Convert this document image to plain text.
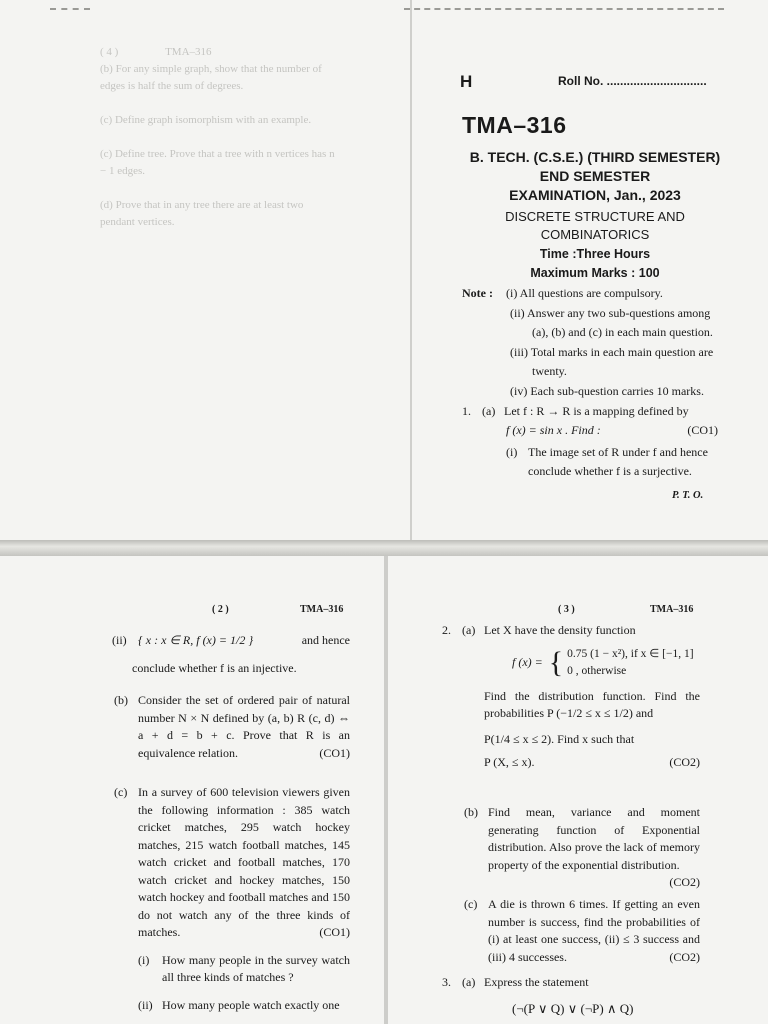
( 4 )                 TMA–316
(b) For any simple graph, show that the number of edges is half the sum of degrees.

(c) Define graph isomorphism with an example.

(c) Define tree. Prove that a tree with n vertices has n − 1 edges.

(d) Prove that in any tree there are at least two pendant vertices.
H	Roll No. ..............................
TMA–316
B. TECH. (C.S.E.) (THIRD SEMESTER)
END SEMESTER
EXAMINATION, Jan., 2023
DISCRETE STRUCTURE AND
COMBINATORICS
Time :Three Hours
Maximum Marks : 100
Note :	(i) All questions are compulsory.
(ii) Answer any two sub-questions among (a), (b) and (c) in each main question.
(iii) Total marks in each main question are twenty.
(iv) Each sub-question carries 10 marks.
1. (a) Let f : R → R is a mapping defined by
f (x) = sin x . Find :	(CO1)
(i) The image set of R under f and hence conclude whether f is a surjective.
P. T. O.
( 2 )	TMA–316
(ii) { x : x ∈ R, f (x) = 1/2 }	and hence
conclude whether f is an injective.
(b) Consider the set of ordered pair of natural number N × N defined by (a, b) R (c, d) ⇔ a + d = b + c. Prove that R is an equivalence relation.	(CO1)
(c) In a survey of 600 television viewers given the following information : 385 watch cricket matches, 295 watch hockey matches, 215 watch football matches, 145 watch cricket and football matches, 170 watch cricket and hockey matches, 150 watch hockey and football matches and 150 do not watch any of the three kinds of matches.	(CO1)
(i)	How many people in the survey watch all three kinds of matches ?
(ii) How many people watch exactly one
( 3 )	TMA–316
2. (a) Let X have the density function
f (x) = { 0.75 (1 − x²), if x ∈ [−1, 1]
0 , otherwise
Find the distribution function. Find the probabilities P (−1/2 ≤ x ≤ 1/2) and
P(1/4 ≤ x ≤ 2). Find x such that
P (X, ≤ x).	(CO2)
(b) Find mean, variance and moment generating function of Exponential distribution. Also prove the lack of memory property of the exponential distribution.
(CO2)
(c) A die is thrown 6 times. If getting an even number is success, find the probabilities of (i) at least one success, (ii) ≤ 3 success and (iii) 4 successes.	(CO2)
3. (a) Express the statement
(¬(P ∨ Q) ∨ (¬P) ∧ Q)
